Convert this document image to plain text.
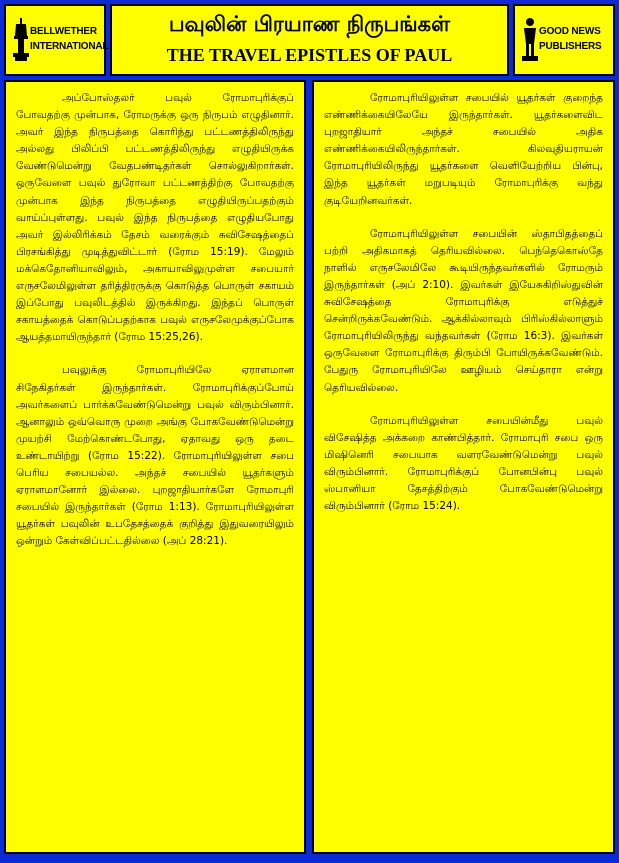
BELLWETHER
INTERNATIONAL
பவுலின் பிரயாண நிருபங்கள்
THE TRAVEL EPISTLES OF PAUL
GOOD NEWS
PUBLISHERS

அப்போஸ்தலர் பவுல் ரோமாபுரிக்குப் போவதற்கு முன்பாக, ரோமருக்கு ஒரு நிருபம் எழுதினார். அவர் இந்த நிருபத்தை கொரிந்து பட்டணத்திலிருந்து அல்லது பிலிப்பி பட்டணத்திலிருந்து எழுதியிருக்க வேண்டுமென்று வேதபண்டிதர்கள் சொல்லுகிறார்கள். ஒருவேளை பவுல் துரோவா பட்டணத்திற்கு போவதற்கு முன்பாக இந்த நிருபத்தை எழுதியிருப்பதற்கும் வாய்ப்புள்ளது. பவுல் இந்த நிருபத்தை எழுதியபோது அவர் இல்லிரிக்கம் தேசம் வரைக்கும் சுவிசேஷத்தைப் பிரசங்கித்து முடித்துவிட்டார் (ரோம 15:19). மேலும் மக்கெதோனியாவிலும், அகாயாவிலுமுள்ள சபையார் எருசலேமிலுள்ள தரித்திரருக்கு கொடுத்த பொருள் சகாயம் இப்போது பவுலிடத்தில் இருக்கிறது. இந்தப் பொருள் சகாயத்தைக் கொடுப்பதற்காக பவுல் எருசலேமுக்குப்போக ஆயத்தமாயிருந்தார் (ரோம 15:25,26).

பவுலுக்கு ரோமாபுரியிலே ஏராளமான சிநேகிதர்கள் இருந்தார்கள். ரோமாபுரிக்குப்போய் அவர்களைப் பார்க்கவேண்டுமென்று பவுல் விரும்பினார். ஆனாலும் ஒவ்வொரு முறை அங்கு போகவேண்டுமென்று முயற்சி மேற்கொண்டபோது, ஏதாவது ஒரு தடை உண்டாயிற்று (ரோம 15:22). ரோமாபுரியிலுள்ள சபை பெரிய சபையல்ல. அந்தச் சபையில் யூதர்களும் ஏராளமானோர் இல்லை. புறஜாதியார்களே ரோமாபுரி சபையில் இருந்தார்கள் (ரோம 1:13). ரோமாபுரியிலுள்ள யூதர்கள் பவுலின் உபதேசத்தைக் குறித்து இதுவரையிலும் ஒன்றும் கேள்விப்பட்டதில்லை (அப் 28:21).

ரோமாபுரியிலுள்ள சபையில் யூதர்கள் குறைந்த எண்ணிக்கையிலேயே இருந்தார்கள். யூதர்களைவிட புறஜாதியார் அந்தச் சபையில் அதிக எண்ணிக்கையிலிருந்தார்கள். கிலவுதியராயன் ரோமாபுரியிலிருந்து யூதர்களை வெளியேற்றிய பின்பு, இந்த யூதர்கள் மறுபடியும் ரோமாபுரிக்கு வந்து குடியேறினவர்கள்.

ரோமாபுரியிலுள்ள சபையின் ஸ்தாபிதத்தைப் பற்றி அதிகமாகத் தெரியவில்லை. பெந்தெகொஸ்தே நாளில் எருசலேமிலே கூடியிருந்தவர்களில் ரோமரும் இருந்தார்கள் (அப் 2:10). இவர்கள் இயேசுகிறிஸ்துவின் சுவிசேஷத்தை ரோமாபுரிக்கு எடுத்துச் சென்றிருக்கவேண்டும். ஆக்கில்லாவும் பிரிஸ்கில்லாளும் ரோமாபுரியிலிருந்து வந்தவர்கள் (ரோம 16:3). இவர்கள் ஒருவேளை ரோமாபுரிக்கு திரும்பி போயிருக்கவேண்டும். பேதுரு ரோமாபுரியிலே ஊழியம் செய்தாரா என்று தெரியவில்லை.

ரோமாபுரியிலுள்ள சபையின்மீது பவுல் விசேஷித்த அக்கறை காண்பித்தார். ரோமாபுரி சபை ஒரு மிஷினெரி சபையாக வளரவேண்டுமென்று பவுல் விரும்பினார். ரோமாபுரிக்குப் போனபின்பு பவுல் ஸ்பானியா தேசத்திற்கும் போகவேண்டுமென்று விரும்பினார் (ரோம 15:24).
